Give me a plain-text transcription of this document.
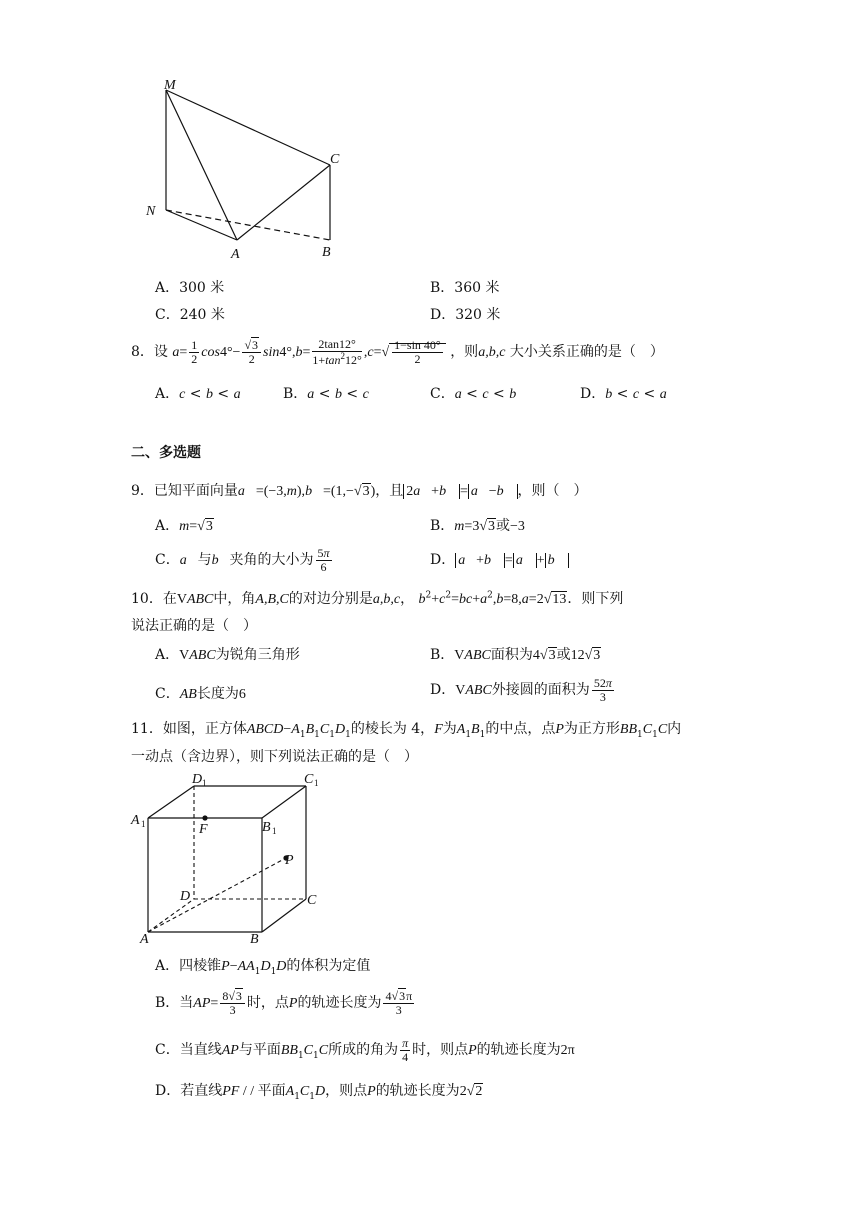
M
C
N
A	B
A．300 米	B．360 米
C．240 米	D．320 米
8．设 $a= \frac{1}{2} \cos 4^\circ- \frac{√3}{2} \sin 4^\circ,b= \frac{2\tan 12^\circ}{1+\tan^212^\circ} ,c=√ \frac{1-\sin 40^\circ}{2}$ ，则a,b,c 大小关系正确的是（　）
A．c < b < a	B．a < b < c	C．a < c < b	D．b < c < a
二、多选题
9．已知平面向量a⃗=(−3,m),b⃗=(1,−√3)，且 2a⃗+b⃗ = a⃗−b⃗ ，则（　）
A．m=√3	B．m=3√3或−3
C．a⃗与b⃗夹角的大小为 $\frac{5\pi}{6}$	D． a⃗+b⃗ = a⃗ + b⃗
10．在VABC中，角A,B,C的对边分别是a,b,c， $b^2+c^2=bc+a^2,b=8,a=2√13$．则下列
说法正确的是（　）
A．VABC为锐角三角形	B．VABC面积为4√3或12√3
C．AB长度为6	D．VABC外接圆的面积为 $\frac{52\pi}{3}$
11．如图，正方体$ABCD-A_1B_1C_1D_1$的棱长为 4，F为$A_1B_1$的中点，点P为正方形$BB_1C_1C$内
一动点（含边界），则下列说法正确的是（　）
D 1	C 1
A 1	B 1
F
P
D	C
A	B
A．四棱锥$P-AA_1D_1D$的体积为定值
B．当$AP= \frac{8√3}{3}$ 时，点P的轨迹长度为 $\frac{4√3\pi}{3}$
C．当直线AP与平面$BB_1C_1C$所成的角为 $\frac{\pi}{4}$ 时，则点P的轨迹长度为2π
D．若直线PF / / 平面$A_1C_1D$，则点P的轨迹长度为2√2
